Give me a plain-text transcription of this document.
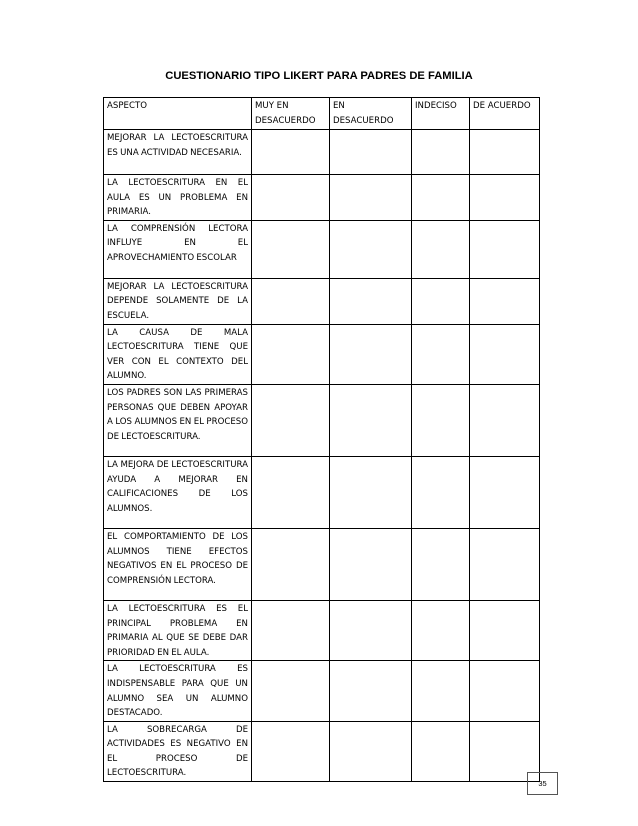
CUESTIONARIO TIPO LIKERT PARA PADRES DE FAMILIA
ASPECTO	MUY EN DESACUERDO	EN DESACUERDO	INDECISO	DE ACUERDO
MEJORAR LA LECTOESCRITURA ES UNA ACTIVIDAD NECESARIA.				
LA LECTOESCRITURA EN EL AULA ES UN PROBLEMA EN PRIMARIA.				
LA COMPRENSIÓN LECTORA INFLUYE EN EL APROVECHAMIENTO ESCOLAR				
MEJORAR LA LECTOESCRITURA DEPENDE SOLAMENTE DE LA ESCUELA.				
LA CAUSA DE MALA LECTOESCRITURA TIENE QUE VER CON EL CONTEXTO DEL ALUMNO.				
LOS PADRES SON LAS PRIMERAS PERSONAS QUE DEBEN APOYAR A LOS ALUMNOS EN EL PROCESO DE LECTOESCRITURA.				
LA MEJORA DE LECTOESCRITURA AYUDA A MEJORAR EN CALIFICACIONES DE LOS ALUMNOS.				
EL COMPORTAMIENTO DE LOS ALUMNOS TIENE EFECTOS NEGATIVOS EN EL PROCESO DE COMPRENSIÓN LECTORA.				
LA LECTOESCRITURA ES EL PRINCIPAL PROBLEMA EN PRIMARIA AL QUE SE DEBE DAR PRIORIDAD EN EL AULA.				
LA LECTOESCRITURA ES INDISPENSABLE PARA QUE UN ALUMNO SEA UN ALUMNO DESTACADO.				
LA SOBRECARGA DE ACTIVIDADES ES NEGATIVO EN EL PROCESO DE LECTOESCRITURA.				
35
